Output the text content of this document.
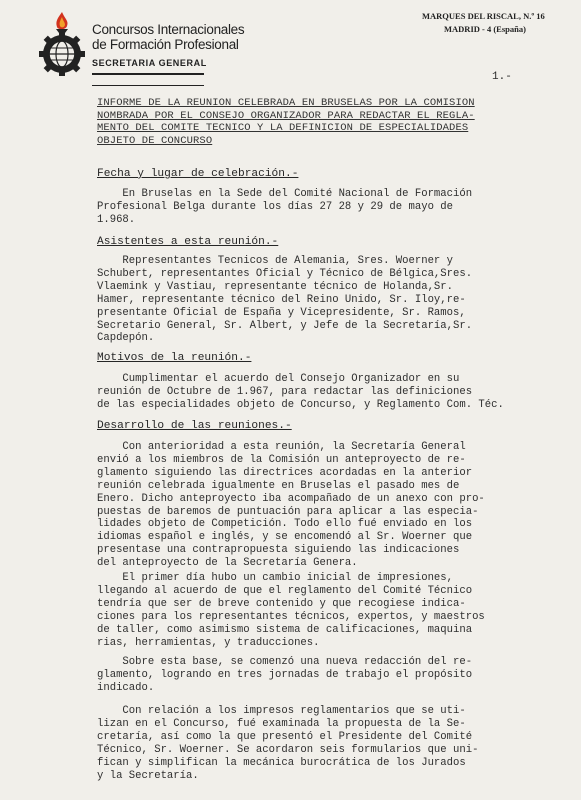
Concursos Internacionales
de Formación Profesional
SECRETARIA GENERAL
MARQUES DEL RISCAL, N.º 16
MADRID - 4 (España)
1.-
INFORME DE LA REUNION CELEBRADA EN BRUSELAS POR LA COMISION
NOMBRADA POR EL CONSEJO ORGANIZADOR PARA REDACTAR EL REGLA-
MENTO DEL COMITE TECNICO Y LA DEFINICION DE ESPECIALIDADES
OBJETO DE CONCURSO
Fecha y lugar de celebración.-
En Bruselas en la Sede del Comité Nacional de Formación
Profesional Belga durante los días 27 28 y 29 de mayo de
1.968.
Asistentes a esta reunión.-
Representantes Tecnicos de Alemania, Sres. Woerner y
Schubert, representantes Oficial y Técnico de Bélgica,Sres.
Vlaemink y Vastiau, representante técnico de Holanda,Sr.
Hamer, representante técnico del Reino Unido, Sr. Iloy,re-
presentante Oficial de España y Vicepresidente, Sr. Ramos,
Secretario General, Sr. Albert, y Jefe de la Secretaría,Sr.
Capdepón.
Motivos de la reunión.-
Cumplimentar el acuerdo del Consejo Organizador en su
reunión de Octubre de 1.967, para redactar las definiciones
de las especialidades objeto de Concurso, y Reglamento Com. Téc.
Desarrollo de las reuniones.-
Con anterioridad a esta reunión, la Secretaría General
envió a los miembros de la Comisión un anteproyecto de re-
glamento siguiendo las directrices acordadas en la anterior
reunión celebrada igualmente en Bruselas el pasado mes de
Enero. Dicho anteproyecto iba acompañado de un anexo con pro-
puestas de baremos de puntuación para aplicar a las especia-
lidades objeto de Competición. Todo ello fué enviado en los
idiomas español e inglés, y se encomendó al Sr. Woerner que
presentase una contrapropuesta siguiendo las indicaciones
del anteproyecto de la Secretaría Genera.
El primer día hubo un cambio inicial de impresiones,
llegando al acuerdo de que el reglamento del Comité Técnico
tendría que ser de breve contenido y que recogiese indica-
ciones para los representantes técnicos, expertos, y maestros
de taller, como asimismo sistema de calificaciones, maquina
rias, herramientas, y traducciones.
Sobre esta base, se comenzó una nueva redacción del re-
glamento, logrando en tres jornadas de trabajo el propósito
indicado.
Con relación a los impresos reglamentarios que se uti-
lizan en el Concurso, fué examinada la propuesta de la Se-
cretaría, así como la que presentó el Presidente del Comité
Técnico, Sr. Woerner. Se acordaron seis formularios que uni-
fican y simplifican la mecánica burocrática de los Jurados
y la Secretaría.
